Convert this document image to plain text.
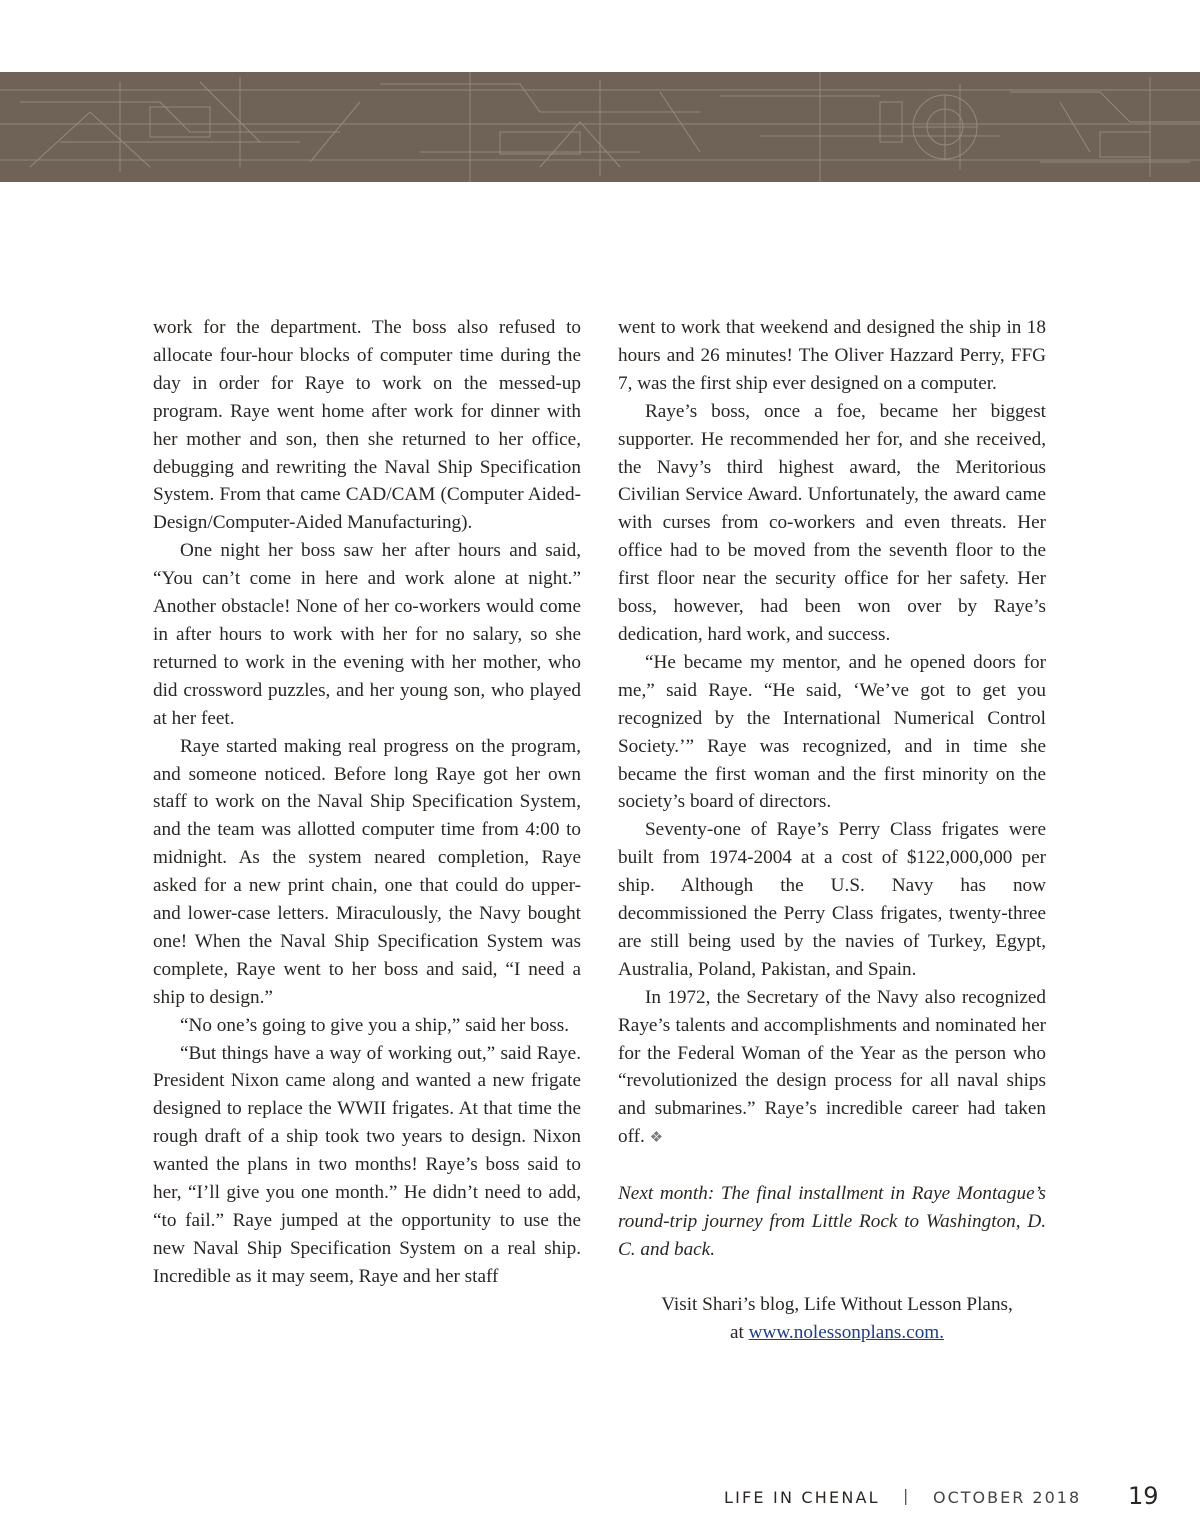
work for the department. The boss also refused to allocate four-hour blocks of computer time during the day in order for Raye to work on the messed-up program. Raye went home after work for dinner with her mother and son, then she returned to her office, debugging and rewriting the Naval Ship Specification System. From that came CAD/CAM (Computer Aided-Design/Computer-Aided Manufacturing).

One night her boss saw her after hours and said, “You can’t come in here and work alone at night.” Another obstacle! None of her co-workers would come in after hours to work with her for no salary, so she returned to work in the evening with her mother, who did crossword puzzles, and her young son, who played at her feet.

Raye started making real progress on the program, and someone noticed. Before long Raye got her own staff to work on the Naval Ship Specification System, and the team was allotted computer time from 4:00 to midnight. As the system neared completion, Raye asked for a new print chain, one that could do upper- and lower-case letters. Miraculously, the Navy bought one! When the Naval Ship Specification System was complete, Raye went to her boss and said, “I need a ship to design.”

“No one’s going to give you a ship,” said her boss.

“But things have a way of working out,” said Raye. President Nixon came along and wanted a new frigate designed to replace the WWII frigates. At that time the rough draft of a ship took two years to design. Nixon wanted the plans in two months! Raye’s boss said to her, “I’ll give you one month.” He didn’t need to add, “to fail.” Raye jumped at the opportunity to use the new Naval Ship Specification System on a real ship. Incredible as it may seem, Raye and her staff

went to work that weekend and designed the ship in 18 hours and 26 minutes! The Oliver Hazzard Perry, FFG 7, was the first ship ever designed on a computer.

Raye’s boss, once a foe, became her biggest supporter. He recommended her for, and she received, the Navy’s third highest award, the Meritorious Civilian Service Award. Unfortunately, the award came with curses from co-workers and even threats. Her office had to be moved from the seventh floor to the first floor near the security office for her safety. Her boss, however, had been won over by Raye’s dedication, hard work, and success.

“He became my mentor, and he opened doors for me,” said Raye. “He said, ‘We’ve got to get you recognized by the International Numerical Control Society.’” Raye was recognized, and in time she became the first woman and the first minority on the society’s board of directors.

Seventy-one of Raye’s Perry Class frigates were built from 1974-2004 at a cost of $122,000,000 per ship. Although the U.S. Navy has now decommissioned the Perry Class frigates, twenty-three are still being used by the navies of Turkey, Egypt, Australia, Poland, Pakistan, and Spain.

In 1972, the Secretary of the Navy also recognized Raye’s talents and accomplishments and nominated her for the Federal Woman of the Year as the person who “revolutionized the design process for all naval ships and submarines.” Raye’s incredible career had taken off. ❖

Next month: The final installment in Raye Montague’s round-trip journey from Little Rock to Washington, D. C. and back.

Visit Shari’s blog, Life Without Lesson Plans,
at www.nolessonplans.com.

LIFE IN CHENAL | OCTOBER 2018 19
